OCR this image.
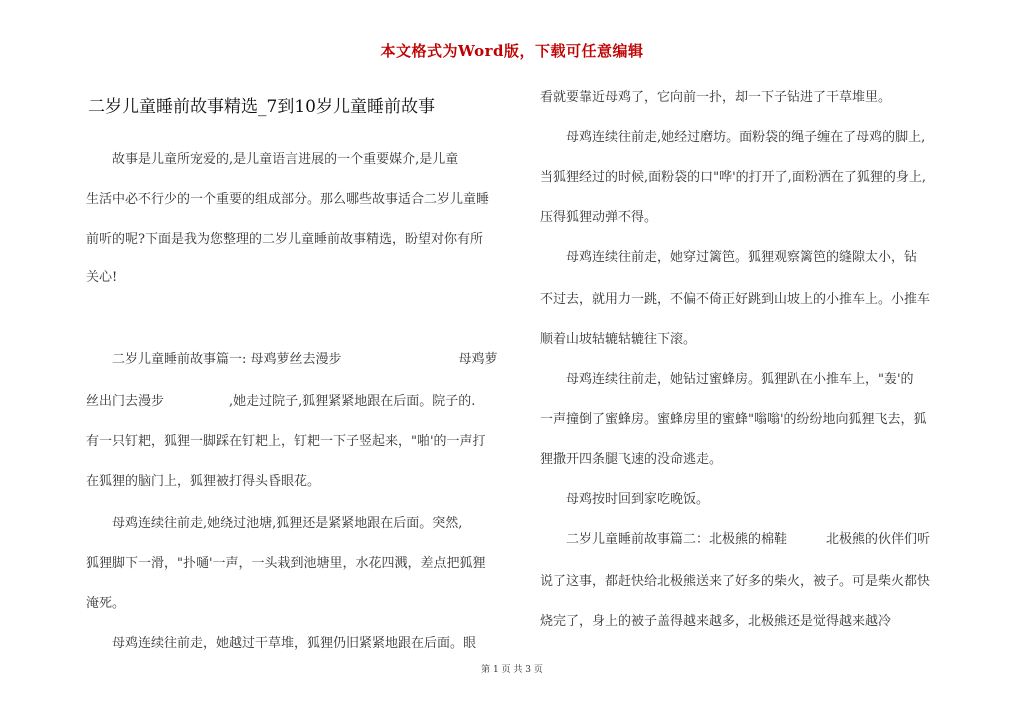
本文格式为Word版，下载可任意编辑
二岁儿童睡前故事精选_7到10岁儿童睡前故事
　　故事是儿童所宠爱的,是儿童语言进展的一个重要媒介,是儿童
生活中必不行少的一个重要的组成部分。那么哪些故事适合二岁儿童睡
前听的呢?下面是我为您整理的二岁儿童睡前故事精选，盼望对你有所
关心!
　　二岁儿童睡前故事篇一: 母鸡萝丝去漫步　　　　　　　　　母鸡萝
丝出门去漫步　　　　　,她走过院子,狐狸紧紧地跟在后面。院子的.
有一只钉耙，狐狸一脚踩在钉耙上，钉耙一下子竖起来，"啪'的一声打
在狐狸的脑门上，狐狸被打得头昏眼花。
　　母鸡连续往前走,她绕过池塘,狐狸还是紧紧地跟在后面。突然,
狐狸脚下一滑，"扑嗵'一声，一头栽到池塘里，水花四溅，差点把狐狸
淹死。
　　母鸡连续往前走，她越过干草堆，狐狸仍旧紧紧地跟在后面。眼
看就要靠近母鸡了，它向前一扑，却一下子钻进了干草堆里。
　　母鸡连续往前走,她经过磨坊。面粉袋的绳子缠在了母鸡的脚上,
当狐狸经过的时候,面粉袋的口"哗'的打开了,面粉洒在了狐狸的身上,
压得狐狸动弹不得。
　　母鸡连续往前走，她穿过篱笆。狐狸观察篱笆的缝隙太小，钻
不过去，就用力一跳，不偏不倚正好跳到山坡上的小推车上。小推车
顺着山坡轱辘轱辘往下滚。
　　母鸡连续往前走，她钻过蜜蜂房。狐狸趴在小推车上，"轰'的
一声撞倒了蜜蜂房。蜜蜂房里的蜜蜂"嗡嗡'的纷纷地向狐狸飞去，狐
狸撒开四条腿飞速的没命逃走。
　　母鸡按时回到家吃晚饭。
　　二岁儿童睡前故事篇二：北极熊的棉鞋　　　北极熊的伙伴们听
说了这事，都赶快给北极熊送来了好多的柴火，被子。可是柴火都快
烧完了，身上的被子盖得越来越多，北极熊还是觉得越来越冷
第 1 页 共 3 页
